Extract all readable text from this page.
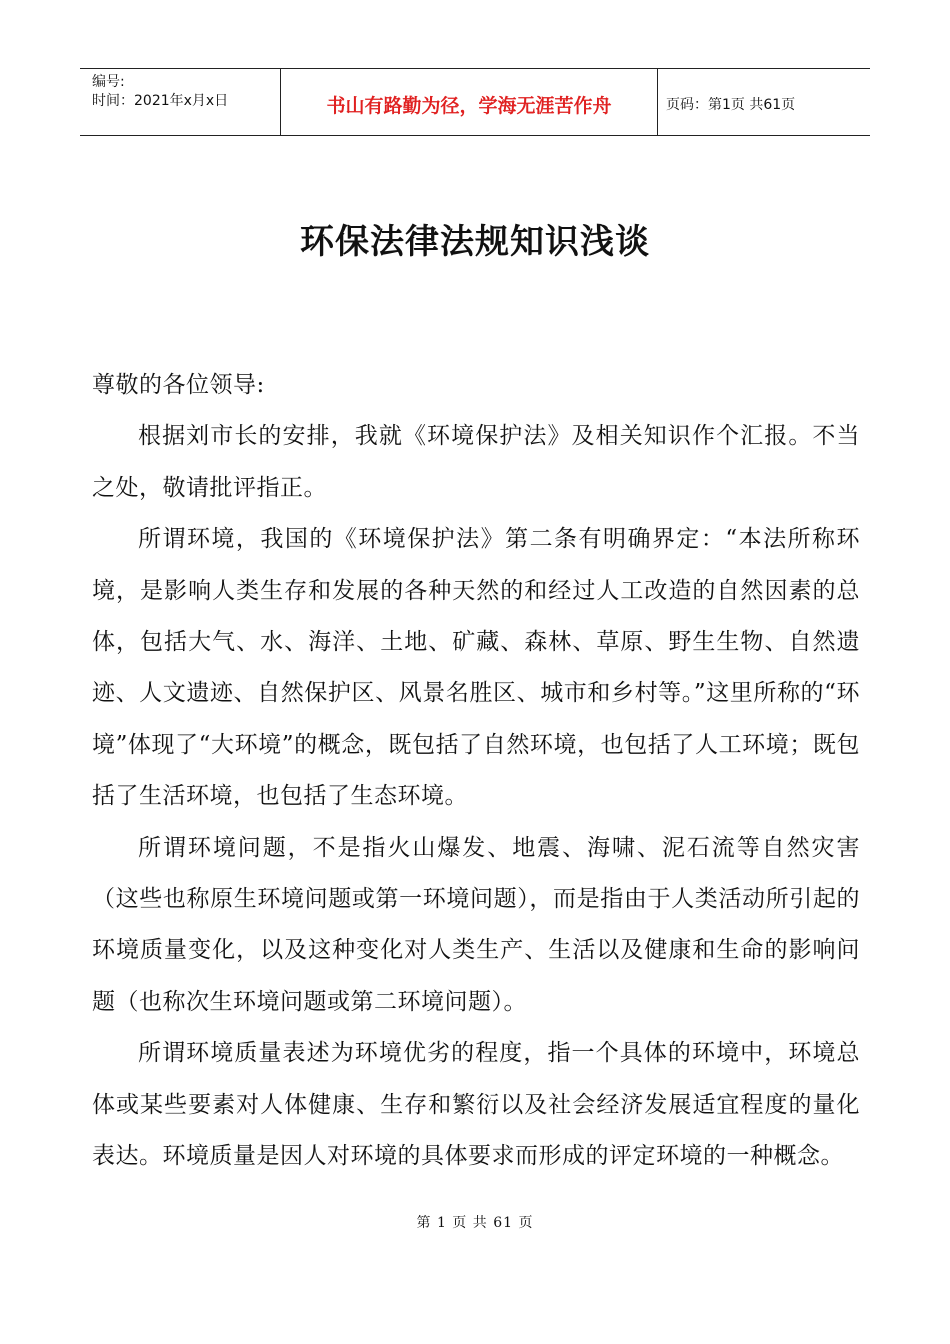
编号:
时间：2021年x月x日	书山有路勤为径，学海无涯苦作舟	页码：第1页 共61页
环保法律法规知识浅谈

尊敬的各位领导:

根据刘市长的安排，我就《环境保护法》及相关知识作个汇报。不当之处，敬请批评指正。

所谓环境，我国的《环境保护法》第二条有明确界定：“本法所称环境，是影响人类生存和发展的各种天然的和经过人工改造的自然因素的总体，包括大气、水、海洋、土地、矿藏、森林、草原、野生生物、自然遗迹、人文遗迹、自然保护区、风景名胜区、城市和乡村等。”这里所称的“环境”体现了“大环境”的概念，既包括了自然环境，也包括了人工环境；既包括了生活环境，也包括了生态环境。

所谓环境问题，不是指火山爆发、地震、海啸、泥石流等自然灾害（这些也称原生环境问题或第一环境问题），而是指由于人类活动所引起的环境质量变化，以及这种变化对人类生产、生活以及健康和生命的影响问题（也称次生环境问题或第二环境问题）。

所谓环境质量表述为环境优劣的程度，指一个具体的环境中，环境总体或某些要素对人体健康、生存和繁衍以及社会经济发展适宜程度的量化表达。环境质量是因人对环境的具体要求而形成的评定环境的一种概念。

第 1 页 共 61 页
